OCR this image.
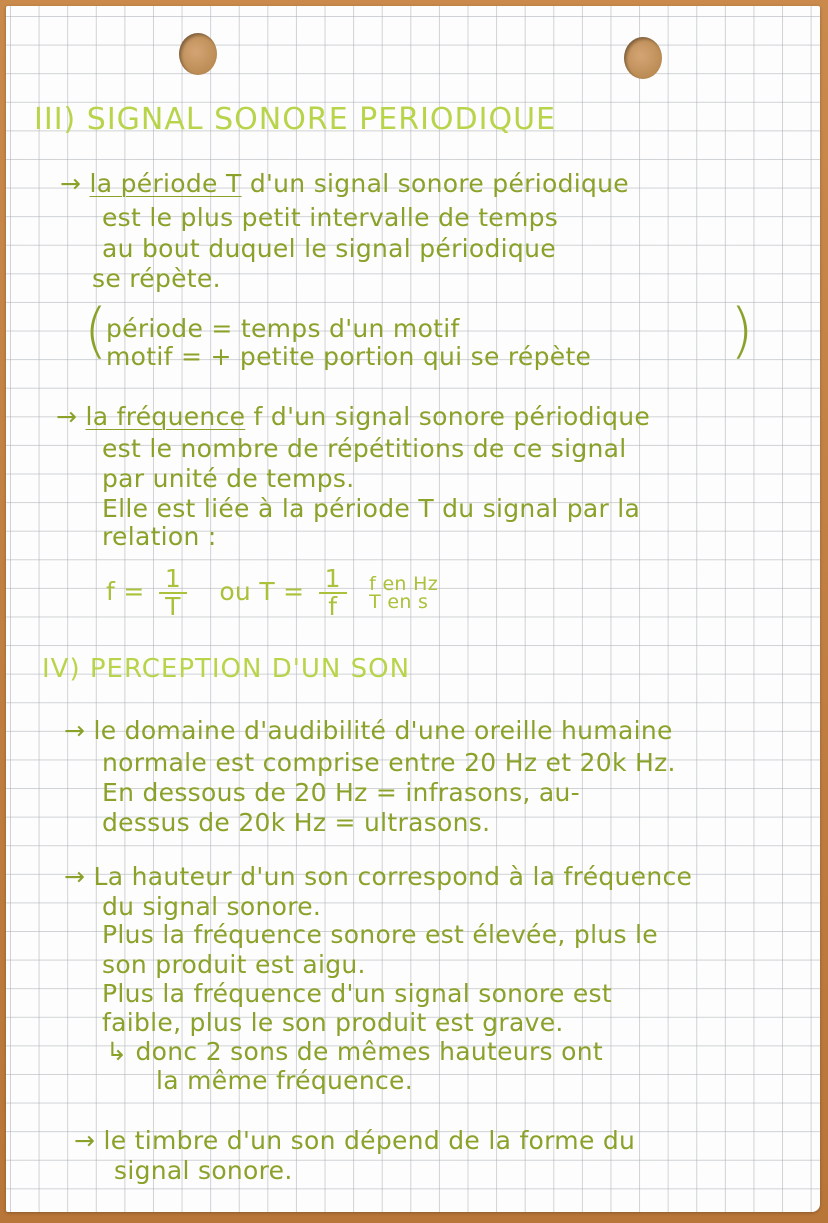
III) SIGNAL SONORE PERIODIQUE
→ la période T d'un signal sonore périodique
est le plus petit intervalle de temps
au bout duquel le signal périodique
se répète.
(
période = temps d'un motif
motif = + petite portion qui se répète )
→ la fréquence f d'un signal sonore périodique
est le nombre de répétitions de ce signal
par unité de temps.
Elle est liée à la période T du signal par la
relation :
$f = \frac{1}{T}$ ou $T = \frac{1}{f}$
f en Hz
T en s
IV) PERCEPTION D'UN SON
→ le domaine d'audibilité d'une oreille humaine
normale est comprise entre 20 Hz et 20k Hz.
En dessous de 20 Hz = infrasons, au-
dessus de 20k Hz = ultrasons.
→ La hauteur d'un son correspond à la fréquence
du signal sonore.
Plus la fréquence sonore est élevée, plus le
son produit est aigu.
Plus la fréquence d'un signal sonore est
faible, plus le son produit est grave.
↳ donc 2 sons de mêmes hauteurs ont
la même fréquence.
→ le timbre d'un son dépend de la forme du
signal sonore.
